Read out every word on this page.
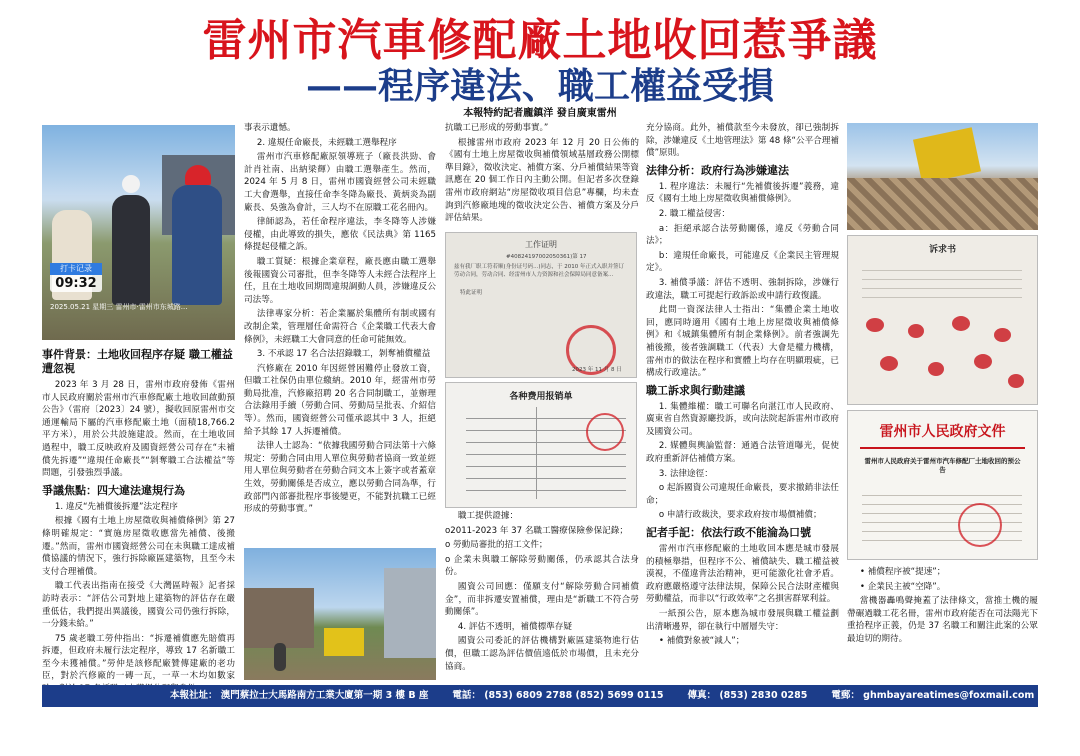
雷州市汽車修配廠土地收回惹爭議
——程序違法、職工權益受損
本報特約記者龐鎮洋 發自廣東雷州
打卡记录
09:32
2025.05.21 星期三 雷州市·雷州市东城路...
事件背景：土地收回程序存疑 職工權益遭忽視

2023 年 3 月 28 日，雷州市政府發佈《雷州市人民政府關於雷州市汽車修配廠土地收回啟動預公告》（雷府〔2023〕24 號），擬收回原雷州市交通運輸局下屬的汽車修配廠土地（面積18,766.2 平方米），用於公共設施建設。然而，在土地收回過程中，職工反映政府及國資經營公司存在“未補償先拆遷”“違規任命廠長”“剝奪職工合法權益”等問題，引發強烈爭議。

爭議焦點：四大違法違規行為

1. 違反“先補償後拆遷”法定程序

根據《國有土地上房屋徵收與補償條例》第 27 條明確規定：“實施房屋徵收應當先補償、後搬遷。”然而，雷州市國資經營公司在未與職工達成補償協議的情況下，強行拆除廠區建築物，且至今未支付合理補償。

職工代表出指南在接受《大灣區時報》記者採訪時表示：“評估公司對地上建築物的評估存在嚴重低估，我們提出異議後，國資公司仍強行拆除，一分錢未給。”

75 歲老職工勞仲指出：“拆遷補償應先賠償再拆遷，但政府未履行法定程序，導致 17 名新職工至今未獲補償。”勞仲是該修配廠贊傳建廠的老功臣，對於汽修廠的一磚一瓦，一草一木均如數家

事表示遺憾。

2. 違規任命廠長，未經職工選舉程序

雷州市汽車修配廠原領導班子（廠長洪勁、會計肖社南、出納梁輝）由職工選舉產生。然而，2024 年 5 月 8 日，雷州市國資經營公司未經職工大會選舉，直接任命李冬降為廠長、黃炳炎為副廠長、吳強為會計，三人均不在原職工花名冊內。

律師認為，若任命程序違法，李冬降等人涉嫌侵權，由此導致的損失，應依《民法典》第 1165 條提起侵權之訴。

職工質疑：根據企業章程，廠長應由職工選舉後報國資公司審批，但李冬降等人未經合法程序上任，且在土地收回期間違規調動人員，涉嫌違反公司法等。

法律專家分析：若企業屬於集體所有制或國有改制企業，管理層任命需符合《企業職工代表大會條例》，未經職工大會同意的任命可能無效。

3. 不承認 17 名合法招錄職工，剝奪補償權益

汽修廠在 2010 年因經營困難停止發放工資，但職工社保仍由單位繳納。2010 年，經雷州市勞動局批准，汽修廠招聘 20 名合同制職工，並辦理合法錄用手續（勞動合同、勞動局呈批表、介紹信等）。然而，國資經營公司僅承認其中 3 人，拒絕給予其餘 17 人拆遷補償。

法律人士認為：“依據我國勞動合同法第十六條規定：勞動合同由用人單位與勞動者協商一致並經用人單位與勞動者在勞動合同文本上簽字或者蓋章生效，勞動關係是否成立，應以勞動合同為準，行政部門內部審批程序事後變更，不能對抗職工已經形成的勞動事實。”

抗職工已形成的勞動事實。”

根據雷州市政府 2023 年 12 月 20 日公佈的《國有土地上房屋徵收與補償領域基層政務公開標準目錄》，徵收決定、補償方案、分戶補償結果等資訊應在 20 個工作日內主動公開。但記者多次登錄雷州市政府網站“房屋徵收項目信息”專欄，均未查詢到汽修廠地塊的徵收決定公告、補償方案及分戶評估結果。

工作证明
#40824197002050361)第 17
兹有我厂职工符若顺(身份证号码...)同志，于 2010 年正式入职并签订劳动合同，劳动合同、经雷州市人力资源和社会保障局同意备案...
特此证明
2023 年 11 月 8 日
各种费用报销单

職工提供證據：

o2011-2023 年 37 名職工醫療保險參保記錄；

o 勞動局審批的招工文件；

o 企業未與職工解除勞動關係，仍承認其合法身份。

國資公司回應：僅願支付“解除勞動合同補償金”，而非拆遷安置補償，理由是“新職工不符合勞動關係”。

4. 評估不透明，補償標準存疑

國資公司委託的評估機構對廠區建築物進行估價，但職工認為評估價值遠低於市場價，且未充分協商。

充分協商。此外，補償款至今未發放，卻已強制拆除，涉嫌違反《土地管理法》第 48 條“公平合理補償”原則。

法律分析：政府行為涉嫌違法

1. 程序違法：未履行“先補償後拆遷”義務，違反《國有土地上房屋徵收與補償條例》。

2. 職工權益侵害：

a：拒絕承認合法勞動關係，違反《勞動合同法》；

b：違規任命廠長，可能違反《企業民主管理規定》。

3. 補償爭議：評估不透明、強制拆除，涉嫌行政違法，職工可提起行政訴訟或申請行政復議。

此問一資深法律人士指出：“集體企業土地收回，應同時適用《國有土地上房屋徵收與補償條例》和《城鎮集體所有制企業條例》。前者強調先補後搬，後者強調職工（代表）大會是權力機構，雷州市的做法在程序和實體上均存在明顯瑕疵，已構成行政違法。”

職工訴求與行動建議

1. 集體維權：職工可聯名向湛江市人民政府、廣東省自然資源廳投訴，或向法院起訴雷州市政府及國資公司。

2. 媒體與輿論監督：通過合法管道曝光，促使政府重新評估補償方案。

3. 法律途徑：

o 起訴國資公司違規任命廠長，要求撤銷非法任命；

o 申請行政裁決，要求政府按市場價補償；

記者手記：依法行政不能淪為口號

雷州市汽車修配廠的土地收回本應是城市發展的積極舉措，但程序不公、補償缺失、職工權益被漠視，不僅違背法治精神，更可能激化社會矛盾。政府應嚴格遵守法律法規，保障公民合法財產權與勞動權益，而非以“行政效率”之名損害群眾利益。

一紙預公告，原本應為城市發展與職工權益劃出清晰邊界，卻在執行中層層失守：

• 補償對象被“減人”；

诉求书
雷州市人民政府文件
雷州市人民政府关于雷州市汽车修配厂土地收回的预公告

• 補償程序被“提速”；

• 企業民主被“空降”。

當機器轟鳴聲掩蓋了法律條文，當推土機的履帶碾過職工花名冊，雷州市政府能否在司法陽光下重拾程序正義，仍是 37 名職工和關注此案的公眾最迫切的期待。

本報社址： 澳門蔡拉士大馬路南方工業大廈第一期 3 樓 B 座	電話： (853) 6809 2788 (852) 5699 0115	傳真： (853) 2830 0285	電郵： ghmbayareatimes@foxmail.com
